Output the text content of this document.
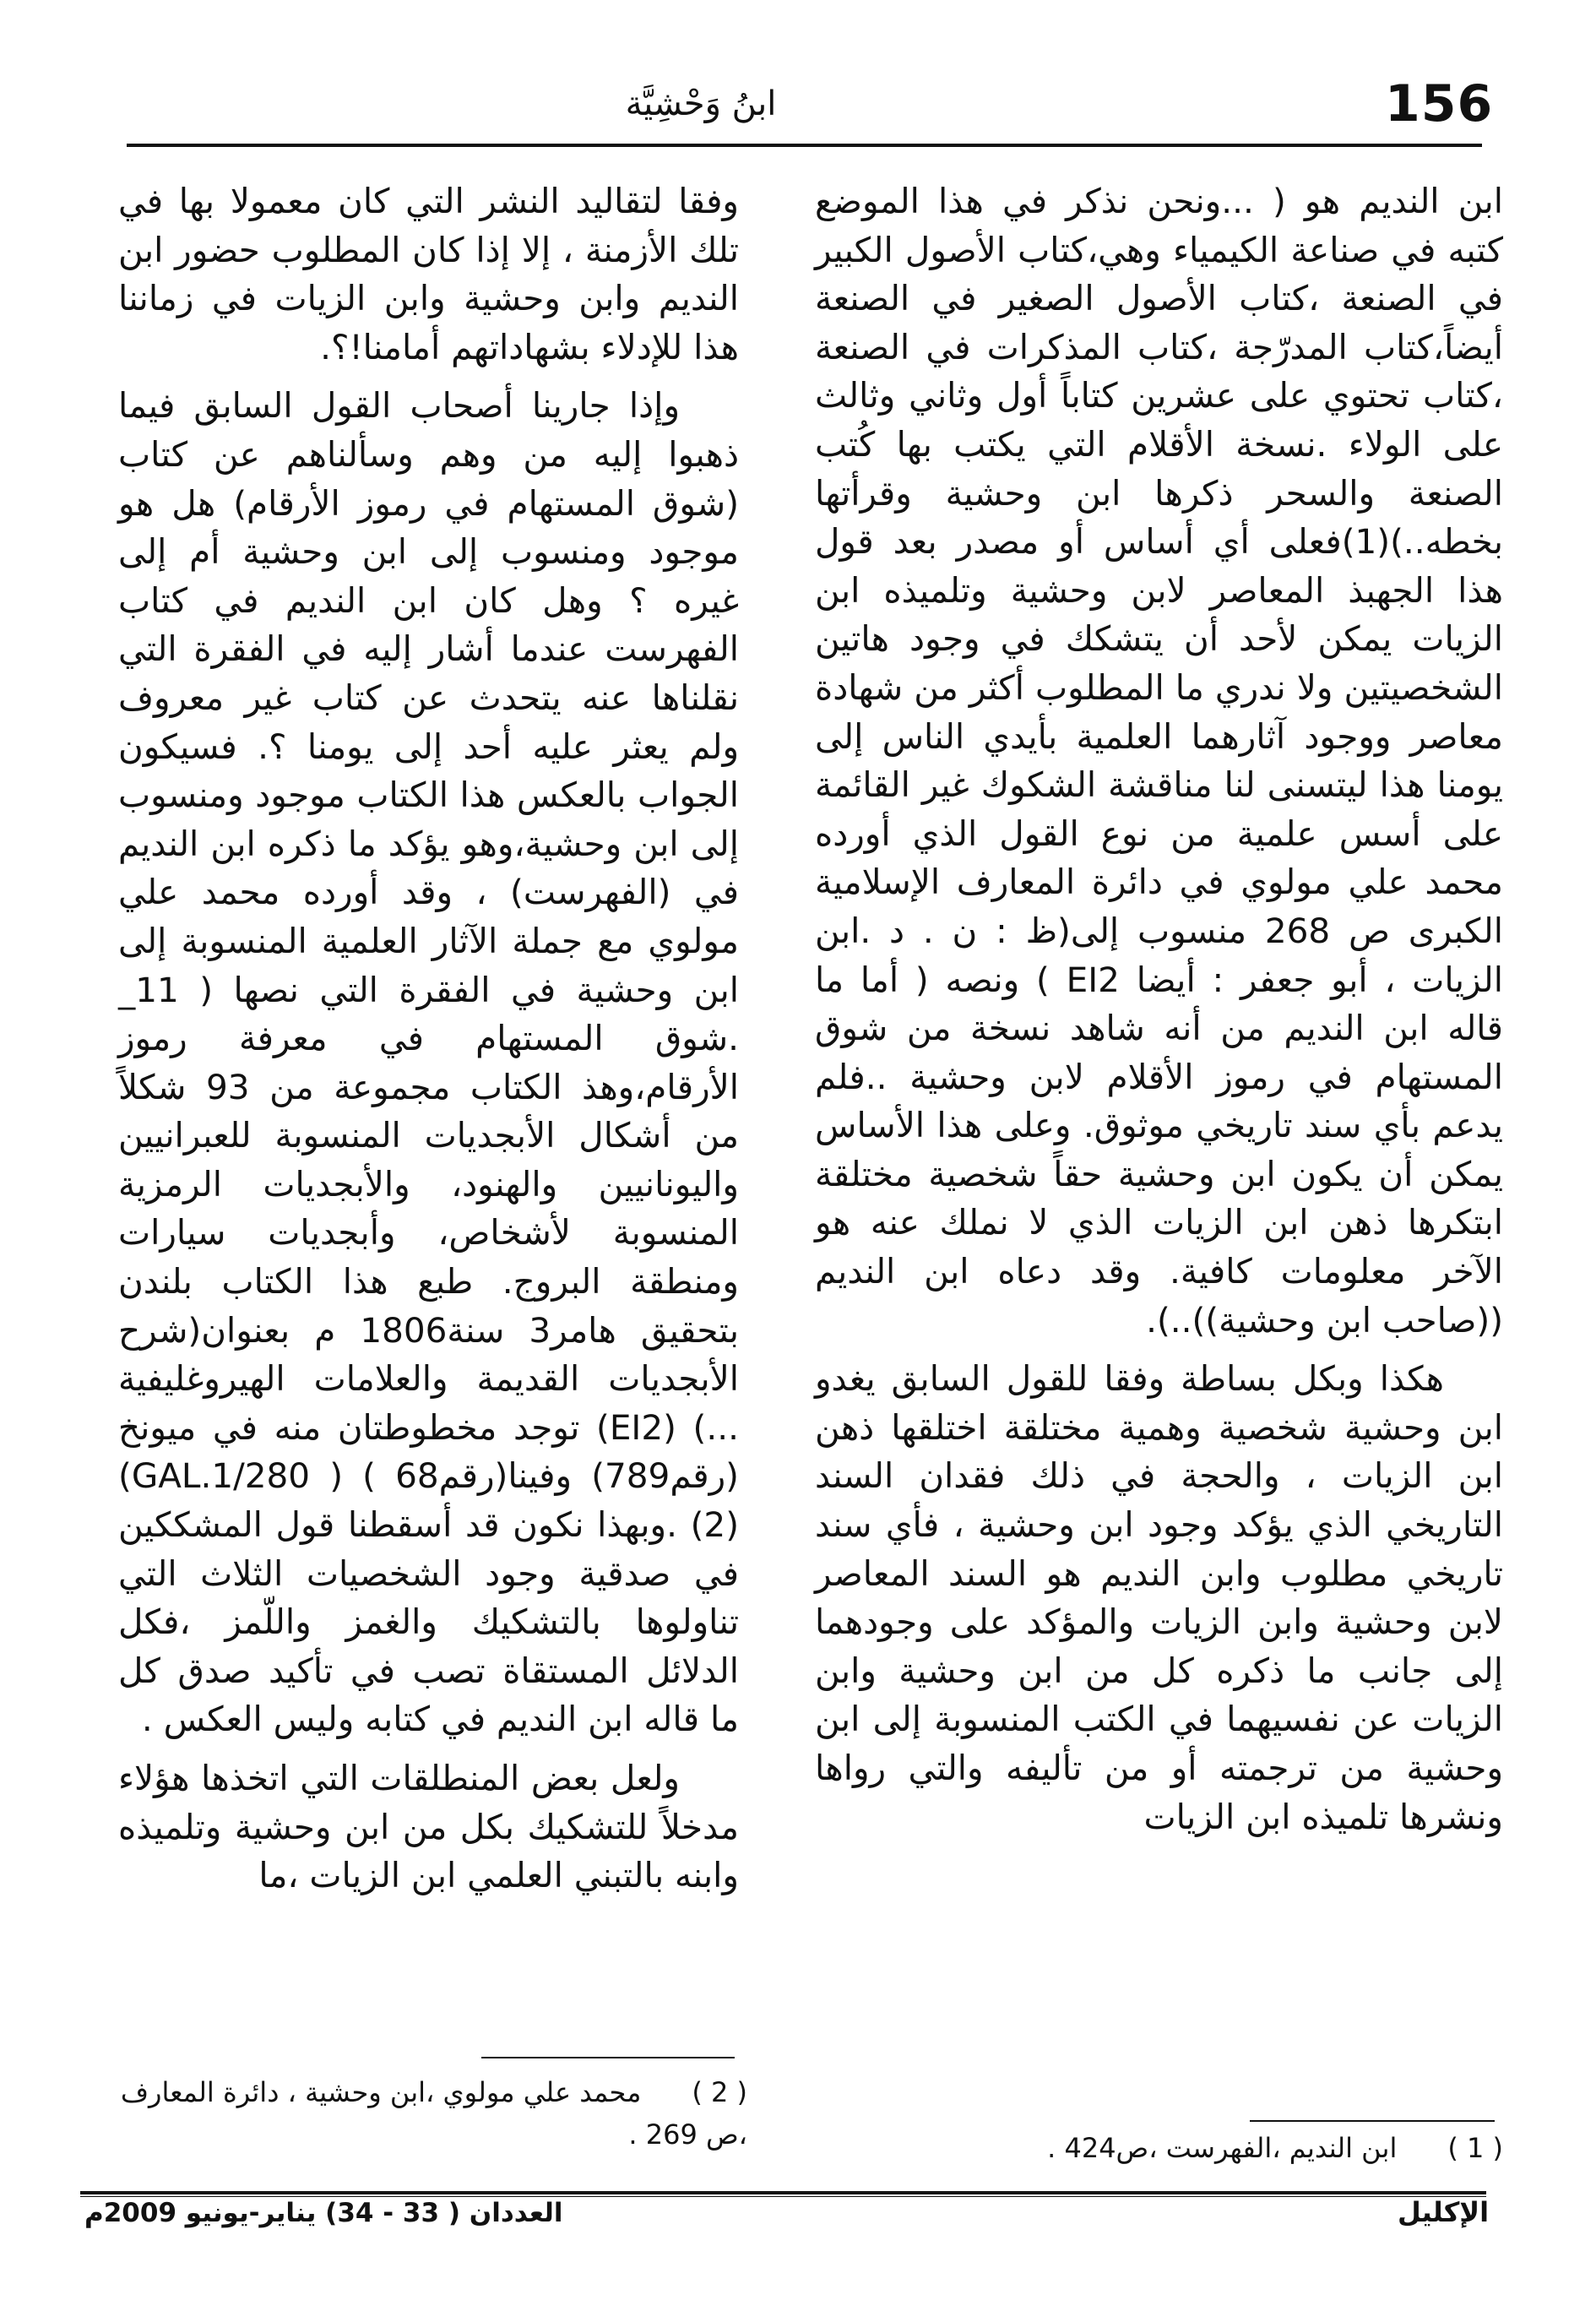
156
ابنُ وَحْشِيَّة

ابن النديم هو ( ...ونحن نذكر في هذا الموضع كتبه في صناعة الكيمياء وهي،كتاب الأصول الكبير في الصنعة ،كتاب الأصول الصغير في الصنعة أيضاً،كتاب المدرّجة ،كتاب المذكرات في الصنعة ،كتاب تحتوي على عشرين كتاباً أول وثاني وثالث على الولاء .نسخة الأقلام التي يكتب بها كُتب الصنعة والسحر ذكرها ابن وحشية وقرأتها بخطه..)(1)فعلى أي أساس أو مصدر بعد قول هذا الجهبذ المعاصر لابن وحشية وتلميذه ابن الزيات يمكن لأحد أن يتشكك في وجود هاتين الشخصيتين ولا ندري ما المطلوب أكثر من شهادة معاصر ووجود آثارهما العلمية بأيدي الناس إلى يومنا هذا ليتسنى لنا مناقشة الشكوك غير القائمة على أسس علمية من نوع القول الذي أورده محمد علي مولوي في دائرة المعارف الإسلامية الكبرى ص 268 منسوب إلى(ظ : ن . د .ابن الزيات ، أبو جعفر : أيضا EI2 ) ونصه ( أما ما قاله ابن النديم من أنه شاهد نسخة من شوق المستهام في رموز الأقلام لابن وحشية ..فلم يدعم بأي سند تاريخي موثوق. وعلى هذا الأساس يمكن أن يكون ابن وحشية حقاً شخصية مختلقة ابتكرها ذهن ابن الزيات الذي لا نملك عنه هو الآخر معلومات كافية. وقد دعاه ابن النديم ((صاحب ابن وحشية))..).

هكذا وبكل بساطة وفقا للقول السابق يغدو ابن وحشية شخصية وهمية مختلقة اختلقها ذهن ابن الزيات ، والحجة في ذلك فقدان السند التاريخي الذي يؤكد وجود ابن وحشية ، فأي سند تاريخي مطلوب وابن النديم هو السند المعاصر لابن وحشية وابن الزيات والمؤكد على وجودهما إلى جانب ما ذكره كل من ابن وحشية وابن الزيات عن نفسيهما في الكتب المنسوبة إلى ابن وحشية من ترجمته أو من تأليفه والتي رواها ونشرها تلميذه ابن الزيات

وفقا لتقاليد النشر التي كان معمولا بها في تلك الأزمنة ، إلا إذا كان المطلوب حضور ابن النديم وابن وحشية وابن الزيات في زماننا هذا للإدلاء بشهاداتهم أمامنا!؟.

وإذا جارينا أصحاب القول السابق فيما ذهبوا إليه من وهم وسألناهم عن كتاب (شوق المستهام في رموز الأرقام) هل هو موجود ومنسوب إلى ابن وحشية أم إلى غيره ؟ وهل كان ابن النديم في كتاب الفهرست عندما أشار إليه في الفقرة التي نقلناها عنه يتحدث عن كتاب غير معروف ولم يعثر عليه أحد إلى يومنا ؟. فسيكون الجواب بالعكس هذا الكتاب موجود ومنسوب إلى ابن وحشية،وهو يؤكد ما ذكره ابن النديم في (الفهرست) ، وقد أورده محمد علي مولوي مع جملة الآثار العلمية المنسوبة إلى ابن وحشية في الفقرة التي نصها ( 11_ .شوق المستهام في معرفة رموز الأرقام،وهذ الكتاب مجموعة من 93 شكلاً من أشكال الأبجديات المنسوبة للعبرانيين واليونانيين والهنود، والأبجديات الرمزية المنسوبة لأشخاص، وأبجديات سيارات ومنطقة البروج. طبع هذا الكتاب بلندن بتحقيق هامر3 سنة1806 م بعنوان(شرح الأبجديات القديمة والعلامات الهيروغليفية ...) (EI2) توجد مخطوطتان منه في ميونخ (رقم789) وفينا(رقم68 ) ( GAL.1/280)(2) .وبهذا نكون قد أسقطنا قول المشككين في صدقية وجود الشخصيات الثلاث التي تناولوها بالتشكيك والغمز واللّمز ،فكل الدلائل المستقاة تصب في تأكيد صدق كل ما قاله ابن النديم في كتابه وليس العكس .

ولعل بعض المنطلقات التي اتخذها هؤلاء مدخلاً للتشكيك بكل من ابن وحشية وتلميذه وابنه بالتبني العلمي ابن الزيات ،ما

( 1 )ابن النديم ،الفهرست ،ص424 .
( 2 )محمد علي مولوي ،ابن وحشية ، دائرة المعارف ،ص 269 .
الإكليل
العددان ( 33 - 34) يناير-يونيو 2009م
